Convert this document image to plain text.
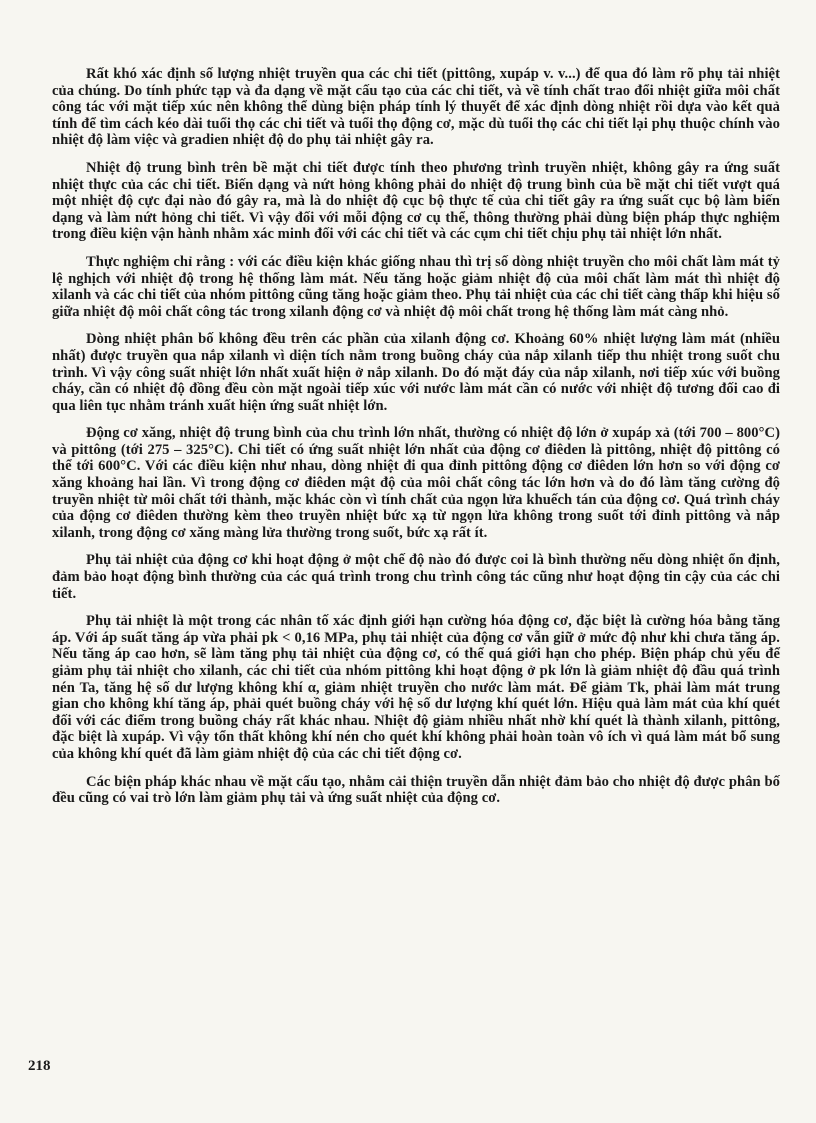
Rất khó xác định số lượng nhiệt truyền qua các chi tiết (pittông, xupáp v. v...) để qua đó làm rõ phụ tải nhiệt của chúng. Do tính phức tạp và đa dạng về mặt cấu tạo của các chi tiết, và về tính chất trao đổi nhiệt giữa môi chất công tác với mặt tiếp xúc nên không thể dùng biện pháp tính lý thuyết để xác định dòng nhiệt rồi dựa vào kết quả tính để tìm cách kéo dài tuổi thọ các chi tiết và tuổi thọ động cơ, mặc dù tuổi thọ các chi tiết lại phụ thuộc chính vào nhiệt độ làm việc và gradien nhiệt độ do phụ tải nhiệt gây ra.

Nhiệt độ trung bình trên bề mặt chi tiết được tính theo phương trình truyền nhiệt, không gây ra ứng suất nhiệt thực của các chi tiết. Biến dạng và nứt hỏng không phải do nhiệt độ trung bình của bề mặt chi tiết vượt quá một nhiệt độ cực đại nào đó gây ra, mà là do nhiệt độ cục bộ thực tế của chi tiết gây ra ứng suất cục bộ làm biến dạng và làm nứt hỏng chi tiết. Vì vậy đối với mỗi động cơ cụ thể, thông thường phải dùng biện pháp thực nghiệm trong điều kiện vận hành nhằm xác minh đối với các chi tiết và các cụm chi tiết chịu phụ tải nhiệt lớn nhất.

Thực nghiệm chỉ rằng : với các điều kiện khác giống nhau thì trị số dòng nhiệt truyền cho môi chất làm mát tỷ lệ nghịch với nhiệt độ trong hệ thống làm mát. Nếu tăng hoặc giảm nhiệt độ của môi chất làm mát thì nhiệt độ xilanh và các chi tiết của nhóm pittông cũng tăng hoặc giảm theo. Phụ tải nhiệt của các chi tiết càng thấp khi hiệu số giữa nhiệt độ môi chất công tác trong xilanh động cơ và nhiệt độ môi chất trong hệ thống làm mát càng nhỏ.

Dòng nhiệt phân bố không đều trên các phần của xilanh động cơ. Khoảng 60% nhiệt lượng làm mát (nhiều nhất) được truyền qua nắp xilanh vì diện tích nằm trong buồng cháy của nắp xilanh tiếp thu nhiệt trong suốt chu trình. Vì vậy công suất nhiệt lớn nhất xuất hiện ở nắp xilanh. Do đó mặt đáy của nắp xilanh, nơi tiếp xúc với buồng cháy, cần có nhiệt độ đồng đều còn mặt ngoài tiếp xúc với nước làm mát cần có nước với nhiệt độ tương đối cao đi qua liên tục nhằm tránh xuất hiện ứng suất nhiệt lớn.

Động cơ xăng, nhiệt độ trung bình của chu trình lớn nhất, thường có nhiệt độ lớn ở xupáp xả (tới 700 – 800°C) và pittông (tới 275 – 325°C). Chi tiết có ứng suất nhiệt lớn nhất của động cơ điêden là pittông, nhiệt độ pittông có thể tới 600°C. Với các điều kiện như nhau, dòng nhiệt đi qua đỉnh pittông động cơ điêden lớn hơn so với động cơ xăng khoảng hai lần. Vì trong động cơ điêden mật độ của môi chất công tác lớn hơn và do đó làm tăng cường độ truyền nhiệt từ môi chất tới thành, mặc khác còn vì tính chất của ngọn lửa khuếch tán của động cơ. Quá trình cháy của động cơ điêden thường kèm theo truyền nhiệt bức xạ từ ngọn lửa không trong suốt tới đỉnh pittông và nắp xilanh, trong động cơ xăng màng lửa thường trong suốt, bức xạ rất ít.

Phụ tải nhiệt của động cơ khi hoạt động ở một chế độ nào đó được coi là bình thường nếu dòng nhiệt ổn định, đảm bảo hoạt động bình thường của các quá trình trong chu trình công tác cũng như hoạt động tin cậy của các chi tiết.

Phụ tải nhiệt là một trong các nhân tố xác định giới hạn cường hóa động cơ, đặc biệt là cường hóa bằng tăng áp. Với áp suất tăng áp vừa phải pk < 0,16 MPa, phụ tải nhiệt của động cơ vẫn giữ ở mức độ như khi chưa tăng áp. Nếu tăng áp cao hơn, sẽ làm tăng phụ tải nhiệt của động cơ, có thể quá giới hạn cho phép. Biện pháp chủ yếu để giảm phụ tải nhiệt cho xilanh, các chi tiết của nhóm pittông khi hoạt động ở pk lớn là giảm nhiệt độ đầu quá trình nén Ta, tăng hệ số dư lượng không khí α, giảm nhiệt truyền cho nước làm mát. Để giảm Tk, phải làm mát trung gian cho không khí tăng áp, phải quét buồng cháy với hệ số dư lượng khí quét lớn. Hiệu quả làm mát của khí quét đối với các điểm trong buồng cháy rất khác nhau. Nhiệt độ giảm nhiều nhất nhờ khí quét là thành xilanh, pittông, đặc biệt là xupáp. Vì vậy tổn thất không khí nén cho quét khí không phải hoàn toàn vô ích vì quá làm mát bổ sung của không khí quét đã làm giảm nhiệt độ của các chi tiết động cơ.

Các biện pháp khác nhau về mặt cấu tạo, nhằm cải thiện truyền dẫn nhiệt đảm bảo cho nhiệt độ được phân bố đều cũng có vai trò lớn làm giảm phụ tải và ứng suất nhiệt của động cơ.

218
